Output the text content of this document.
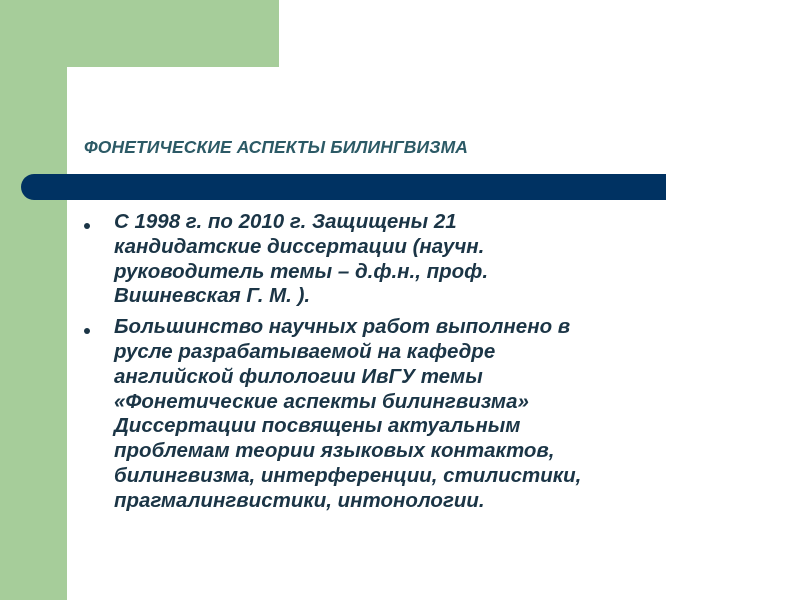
ФОНЕТИЧЕСКИЕ АСПЕКТЫ БИЛИНГВИЗМА
С 1998 г. по 2010 г. Защищены 21
кандидатские диссертации (научн.
руководитель темы – д.ф.н., проф.
Вишневская Г. М. ).
Большинство научных работ выполнено в
русле разрабатываемой на кафедре
английской филологии ИвГУ темы
«Фонетические аспекты билингвизма»
Диссертации посвящены актуальным
проблемам теории языковых контактов,
билингвизма, интерференции, стилистики,
прагмалингвистики, интонологии.
